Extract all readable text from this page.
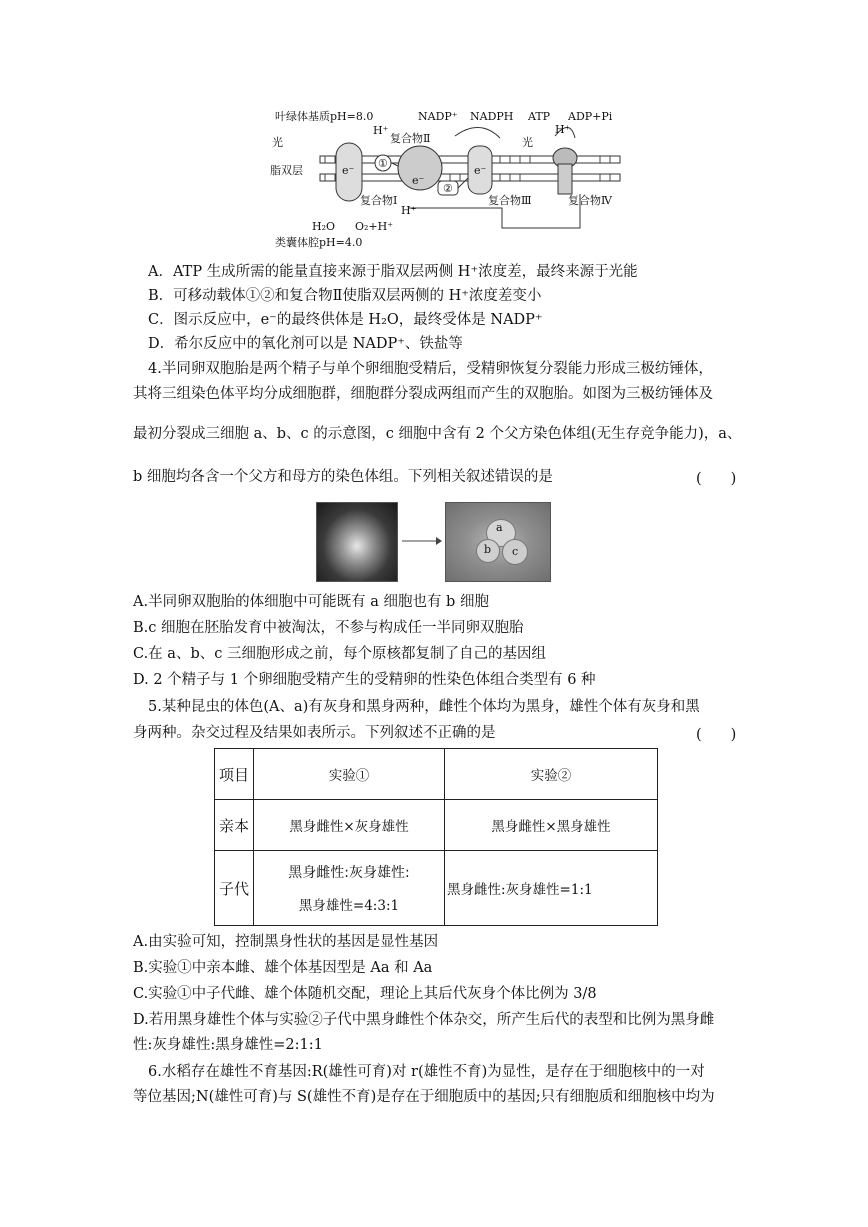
叶绿体基质pH=8.0
光
脂双层
H⁺
复合物Ⅱ
NADP⁺ NADPH ATP ADP+Pi
H⁺
光
复合物Ⅰ	复合物Ⅲ	复合物Ⅳ
H⁺
H₂O O₂+H⁺
类囊体腔pH=4.0
①
②
e⁻
e⁻
e⁻
A．ATP 生成所需的能量直接来源于脂双层两侧 H⁺浓度差，最终来源于光能
B．可移动载体①②和复合物Ⅱ使脂双层两侧的 H⁺浓度差变小
C．图示反应中，e⁻的最终供体是 H₂O，最终受体是 NADP⁺
D．希尔反应中的氧化剂可以是 NADP⁺、铁盐等
4.半同卵双胞胎是两个精子与单个卵细胞受精后，受精卵恢复分裂能力形成三极纺锤体，
其将三组染色体平均分成细胞群，细胞群分裂成两组而产生的双胞胎。如图为三极纺锤体及
最初分裂成三细胞 a、b、c 的示意图，c 细胞中含有 2 个父方染色体组(无生存竞争能力)，a、
b 细胞均各含一个父方和母方的染色体组。下列相关叙述错误的是	(　　)
a
b c
A.半同卵双胞胎的体细胞中可能既有 a 细胞也有 b 细胞
B.c 细胞在胚胎发育中被淘汰，不参与构成任一半同卵双胞胎
C.在 a、b、c 三细胞形成之前，每个原核都复制了自己的基因组
D. 2 个精子与 1 个卵细胞受精产生的受精卵的性染色体组合类型有 6 种
5.某种昆虫的体色(A、a)有灰身和黑身两种，雌性个体均为黑身，雄性个体有灰身和黑
身两种。杂交过程及结果如表所示。下列叙述不正确的是	(　　)
项目	实验①	实验②
亲本	黑身雌性×灰身雄性	黑身雌性×黑身雄性
子代	黑身雌性:灰身雄性:
黑身雄性=4:3:1	黑身雌性:灰身雄性=1:1
A.由实验可知，控制黑身性状的基因是显性基因
B.实验①中亲本雌、雄个体基因型是 Aa 和 Aa
C.实验①中子代雌、雄个体随机交配，理论上其后代灰身个体比例为 3/8
D.若用黑身雄性个体与实验②子代中黑身雌性个体杂交，所产生后代的表型和比例为黑身雌
性:灰身雄性:黑身雄性=2:1:1
6.水稻存在雄性不育基因:R(雄性可育)对 r(雄性不育)为显性，是存在于细胞核中的一对
等位基因;N(雄性可育)与 S(雄性不育)是存在于细胞质中的基因;只有细胞质和细胞核中均为
